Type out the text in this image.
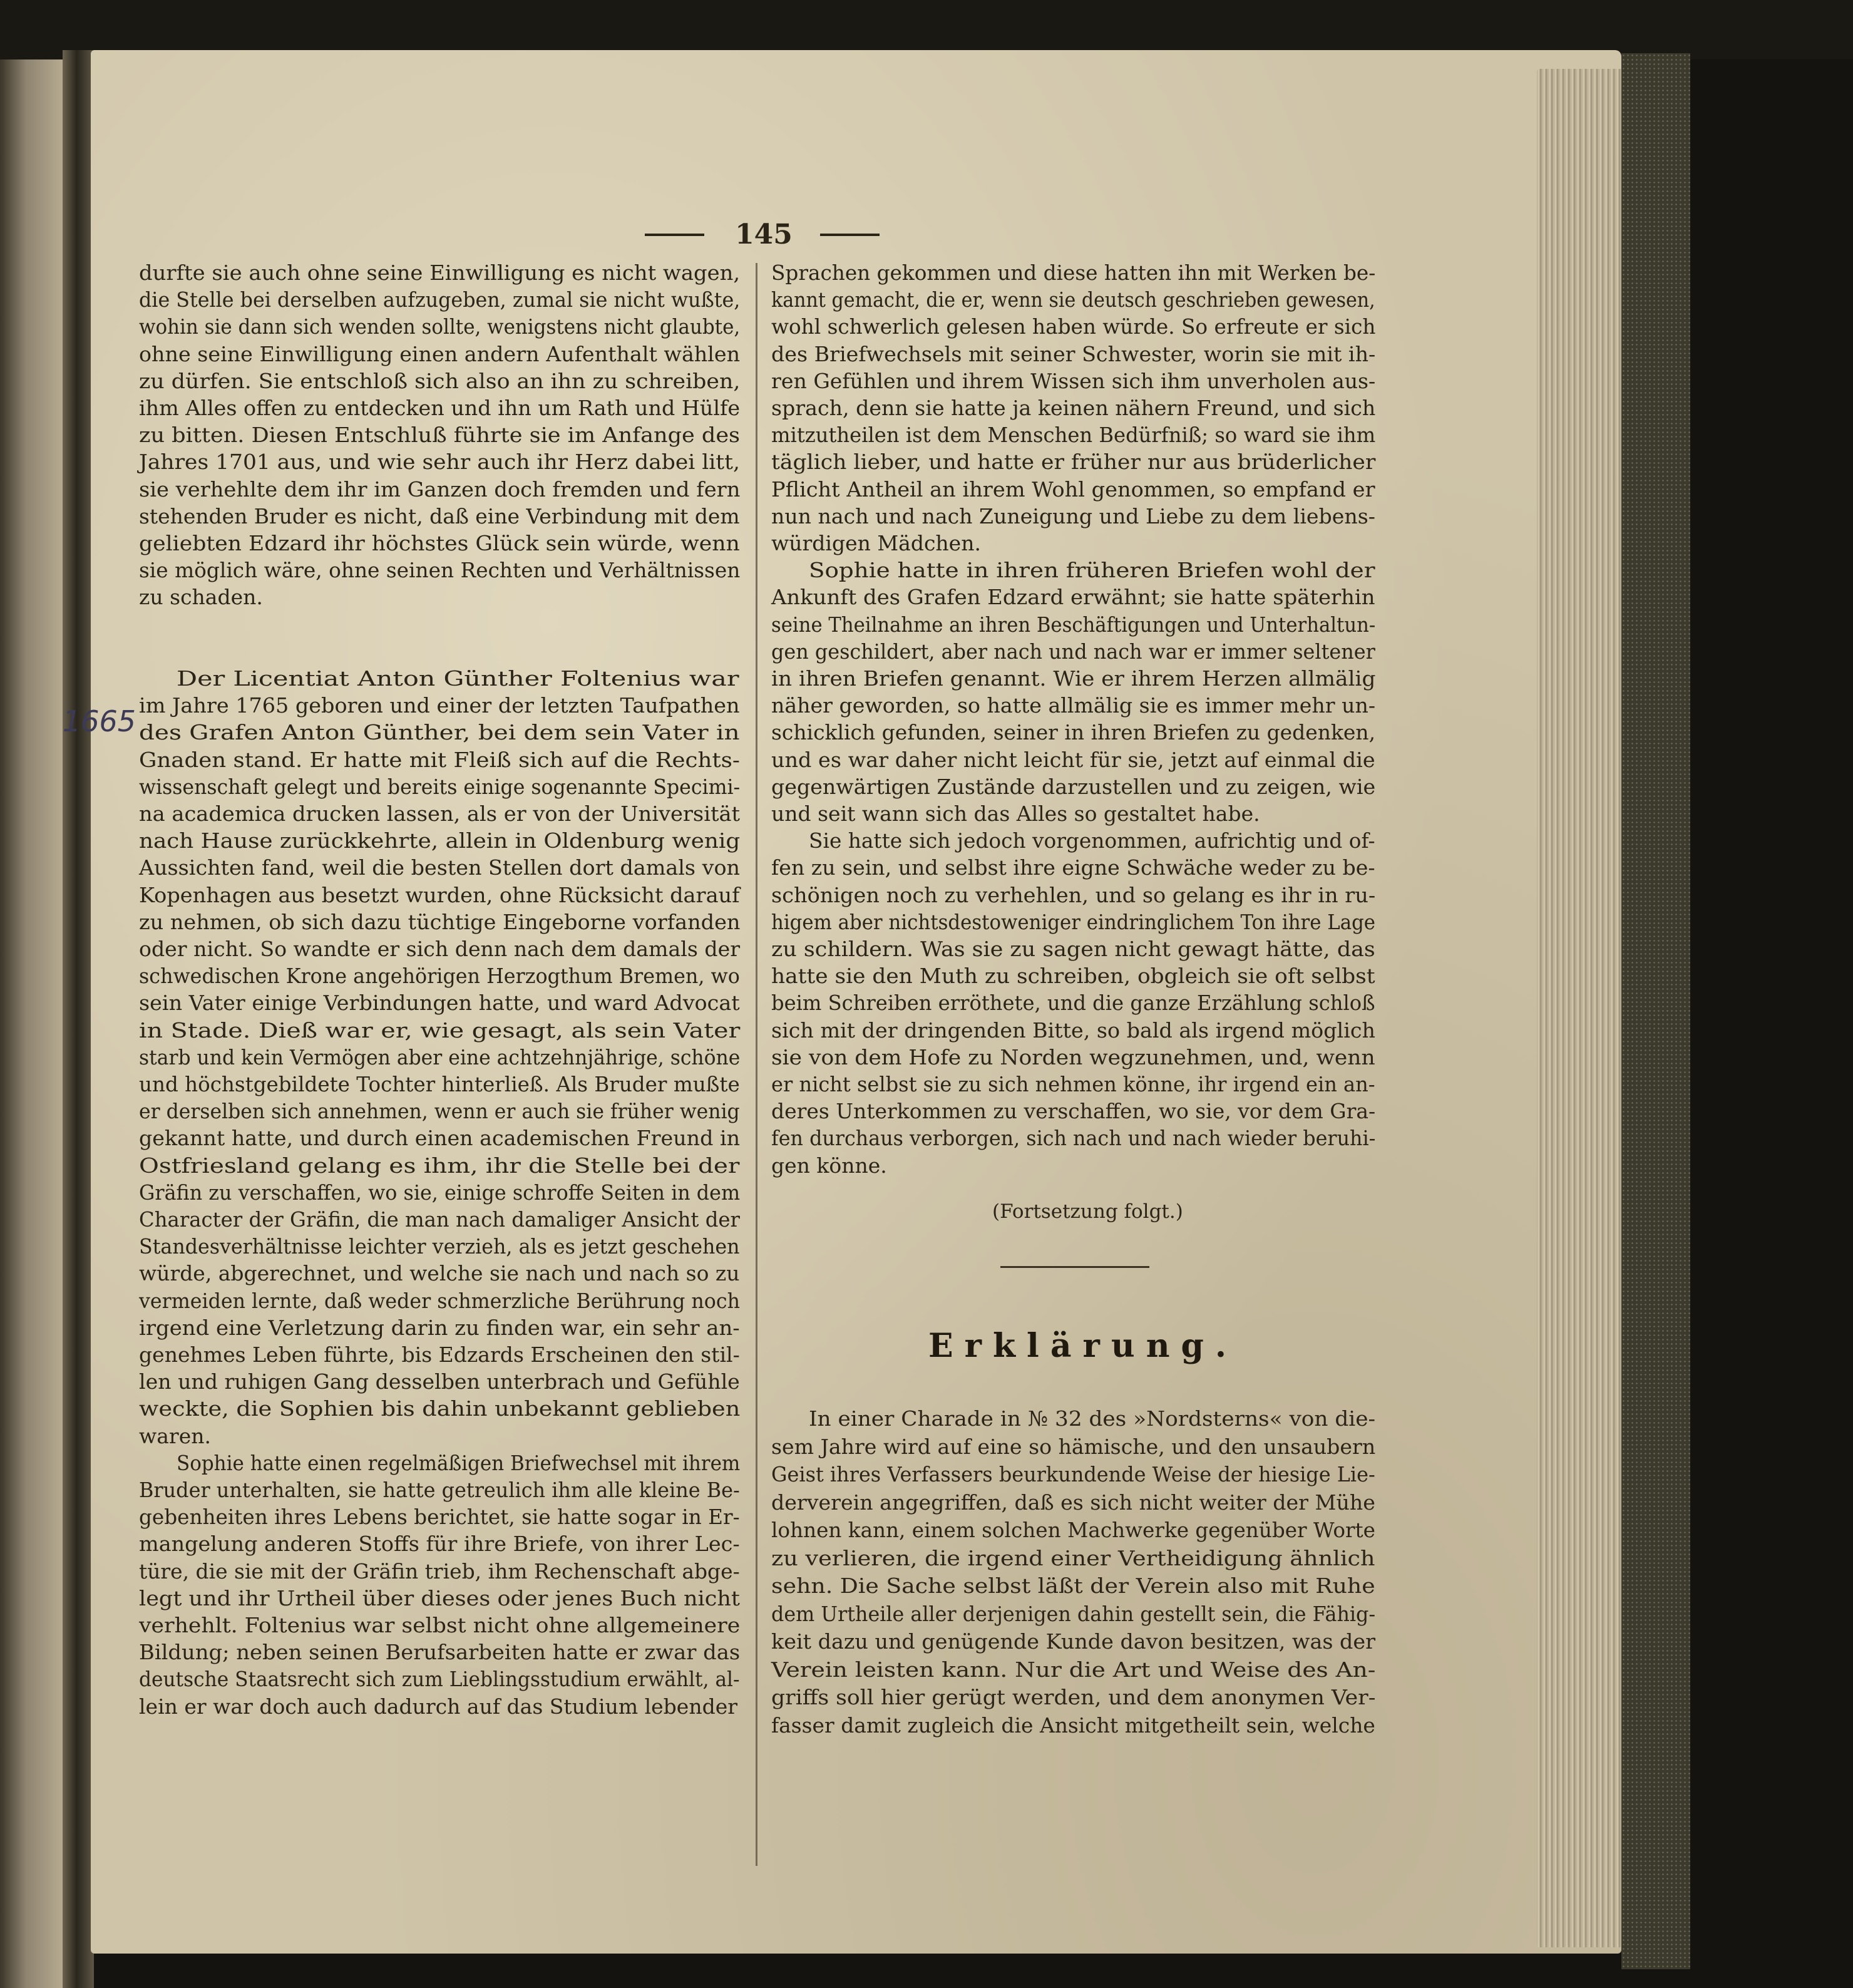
145

durfte sie auch ohne seine Einwilligung es nicht wagen,

die Stelle bei derselben aufzugeben, zumal sie nicht wußte,

wohin sie dann sich wenden sollte, wenigstens nicht glaubte,

ohne seine Einwilligung einen andern Aufenthalt wählen

zu dürfen. Sie entschloß sich also an ihn zu schreiben,

ihm Alles offen zu entdecken und ihn um Rath und Hülfe

zu bitten. Diesen Entschluß führte sie im Anfange des

Jahres 1701 aus, und wie sehr auch ihr Herz dabei litt,

sie verhehlte dem ihr im Ganzen doch fremden und fern

stehenden Bruder es nicht, daß eine Verbindung mit dem

geliebten Edzard ihr höchstes Glück sein würde, wenn

sie möglich wäre, ohne seinen Rechten und Verhältnissen

zu schaden.

Der Licentiat Anton Günther Foltenius war

im Jahre 1765 geboren und einer der letzten Taufpathen

des Grafen Anton Günther, bei dem sein Vater in

Gnaden stand. Er hatte mit Fleiß sich auf die Rechts-

wissenschaft gelegt und bereits einige sogenannte Specimi-

na academica drucken lassen, als er von der Universität

nach Hause zurückkehrte, allein in Oldenburg wenig

Aussichten fand, weil die besten Stellen dort damals von

Kopenhagen aus besetzt wurden, ohne Rücksicht darauf

zu nehmen, ob sich dazu tüchtige Eingeborne vorfanden

oder nicht. So wandte er sich denn nach dem damals der

schwedischen Krone angehörigen Herzogthum Bremen, wo

sein Vater einige Verbindungen hatte, und ward Advocat

in Stade. Dieß war er, wie gesagt, als sein Vater

starb und kein Vermögen aber eine achtzehnjährige, schöne

und höchstgebildete Tochter hinterließ. Als Bruder mußte

er derselben sich annehmen, wenn er auch sie früher wenig

gekannt hatte, und durch einen academischen Freund in

Ostfriesland gelang es ihm, ihr die Stelle bei der

Gräfin zu verschaffen, wo sie, einige schroffe Seiten in dem

Character der Gräfin, die man nach damaliger Ansicht der

Standesverhältnisse leichter verzieh, als es jetzt geschehen

würde, abgerechnet, und welche sie nach und nach so zu

vermeiden lernte, daß weder schmerzliche Berührung noch

irgend eine Verletzung darin zu finden war, ein sehr an-

genehmes Leben führte, bis Edzards Erscheinen den stil-

len und ruhigen Gang desselben unterbrach und Gefühle

weckte, die Sophien bis dahin unbekannt geblieben

waren.

Sophie hatte einen regelmäßigen Briefwechsel mit ihrem

Bruder unterhalten, sie hatte getreulich ihm alle kleine Be-

gebenheiten ihres Lebens berichtet, sie hatte sogar in Er-

mangelung anderen Stoffs für ihre Briefe, von ihrer Lec-

türe, die sie mit der Gräfin trieb, ihm Rechenschaft abge-

legt und ihr Urtheil über dieses oder jenes Buch nicht

verhehlt. Foltenius war selbst nicht ohne allgemeinere

Bildung; neben seinen Berufsarbeiten hatte er zwar das

deutsche Staatsrecht sich zum Lieblingsstudium erwählt, al-

lein er war doch auch dadurch auf das Studium lebender

Sprachen gekommen und diese hatten ihn mit Werken be-

kannt gemacht, die er, wenn sie deutsch geschrieben gewesen,

wohl schwerlich gelesen haben würde. So erfreute er sich

des Briefwechsels mit seiner Schwester, worin sie mit ih-

ren Gefühlen und ihrem Wissen sich ihm unverholen aus-

sprach, denn sie hatte ja keinen nähern Freund, und sich

mitzutheilen ist dem Menschen Bedürfniß; so ward sie ihm

täglich lieber, und hatte er früher nur aus brüderlicher

Pflicht Antheil an ihrem Wohl genommen, so empfand er

nun nach und nach Zuneigung und Liebe zu dem liebens-

würdigen Mädchen.

Sophie hatte in ihren früheren Briefen wohl der

Ankunft des Grafen Edzard erwähnt; sie hatte späterhin

seine Theilnahme an ihren Beschäftigungen und Unterhaltun-

gen geschildert, aber nach und nach war er immer seltener

in ihren Briefen genannt. Wie er ihrem Herzen allmälig

näher geworden, so hatte allmälig sie es immer mehr un-

schicklich gefunden, seiner in ihren Briefen zu gedenken,

und es war daher nicht leicht für sie, jetzt auf einmal die

gegenwärtigen Zustände darzustellen und zu zeigen, wie

und seit wann sich das Alles so gestaltet habe.

Sie hatte sich jedoch vorgenommen, aufrichtig und of-

fen zu sein, und selbst ihre eigne Schwäche weder zu be-

schönigen noch zu verhehlen, und so gelang es ihr in ru-

higem aber nichtsdestoweniger eindringlichem Ton ihre Lage

zu schildern. Was sie zu sagen nicht gewagt hätte, das

hatte sie den Muth zu schreiben, obgleich sie oft selbst

beim Schreiben erröthete, und die ganze Erzählung schloß

sich mit der dringenden Bitte, so bald als irgend möglich

sie von dem Hofe zu Norden wegzunehmen, und, wenn

er nicht selbst sie zu sich nehmen könne, ihr irgend ein an-

deres Unterkommen zu verschaffen, wo sie, vor dem Gra-

fen durchaus verborgen, sich nach und nach wieder beruhi-

gen könne.

(Fortsetzung folgt.)
Erklärung.

In einer Charade in № 32 des »Nordsterns« von die-

sem Jahre wird auf eine so hämische, und den unsaubern

Geist ihres Verfassers beurkundende Weise der hiesige Lie-

derverein angegriffen, daß es sich nicht weiter der Mühe

lohnen kann, einem solchen Machwerke gegenüber Worte

zu verlieren, die irgend einer Vertheidigung ähnlich

sehn. Die Sache selbst läßt der Verein also mit Ruhe

dem Urtheile aller derjenigen dahin gestellt sein, die Fähig-

keit dazu und genügende Kunde davon besitzen, was der

Verein leisten kann. Nur die Art und Weise des An-

griffs soll hier gerügt werden, und dem anonymen Ver-

fasser damit zugleich die Ansicht mitgetheilt sein, welche

1665
